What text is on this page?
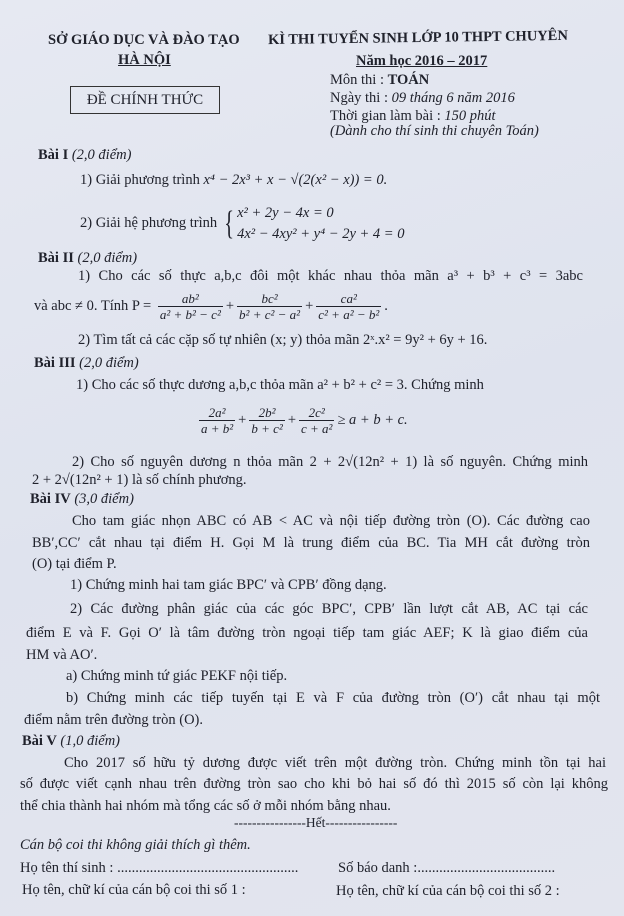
SỞ GIÁO DỤC VÀ ĐÀO TẠO
HÀ NỘI
KÌ THI TUYỂN SINH LỚP 10 THPT CHUYÊN
Năm học 2016 – 2017
ĐỀ CHÍNH THỨC
Môn thi : TOÁN
Ngày thi : 09 tháng 6 năm 2016
Thời gian làm bài : 150 phút
(Dành cho thí sinh thi chuyên Toán)
Bài I (2,0 điểm)
1) Giải phương trình x⁴ − 2x³ + x − √(2(x² − x)) = 0.
2) Giải hệ phương trình { x² + 2y − 4x = 0
4x² − 4xy² + y⁴ − 2y + 4 = 0
Bài II (2,0 điểm)
1) Cho các số thực a,b,c đôi một khác nhau thỏa mãn a³ + b³ + c³ = 3abc
và abc ≠ 0. Tính $P = \frac{\text{ab²}}{\text{a² + b² − c²}} + \frac{\text{bc²}}{\text{b² + c² − a²}} + \frac{\text{ca²}}{\text{c² + a² − b²}}$ .
2) Tìm tất cả các cặp số tự nhiên (x; y) thỏa mãn 2ˣ.x² = 9y² + 6y + 16.
Bài III (2,0 điểm)
1) Cho các số thực dương a,b,c thỏa mãn a² + b² + c² = 3. Chứng minh
$\frac{\text{2a²}}{\text{a + b²}} + \frac{\text{2b²}}{\text{b + c²}} + \frac{\text{2c²}}{\text{c + a²}} \ge a + b + c$.
2) Cho số nguyên dương n thỏa mãn 2 + 2√(12n² + 1) là số nguyên. Chứng minh
2 + 2√(12n² + 1) là số chính phương.
Bài IV (3,0 điểm)
Cho tam giác nhọn ABC có AB < AC và nội tiếp đường tròn (O). Các đường cao
BB′,CC′ cắt nhau tại điểm H. Gọi M là trung điểm của BC. Tia MH cắt đường tròn
(O) tại điểm P.
1) Chứng minh hai tam giác BPC′ và CPB′ đồng dạng.
2) Các đường phân giác của các góc BPC′, CPB′ lần lượt cắt AB, AC tại các
điểm E và F. Gọi O′ là tâm đường tròn ngoại tiếp tam giác AEF; K là giao điểm của
HM và AO′.
a) Chứng minh tứ giác PEKF nội tiếp.
b) Chứng minh các tiếp tuyến tại E và F của đường tròn (O′) cắt nhau tại một
điểm nằm trên đường tròn (O).
Bài V (1,0 điểm)
Cho 2017 số hữu tỷ dương được viết trên một đường tròn. Chứng minh tồn tại hai
số được viết cạnh nhau trên đường tròn sao cho khi bỏ hai số đó thì 2015 số còn lại không
thể chia thành hai nhóm mà tổng các số ở mỗi nhóm bằng nhau.
----------------Hết----------------
Cán bộ coi thi không giải thích gì thêm.
Họ tên thí sinh : ..................................................	Số báo danh :......................................
Họ tên, chữ kí của cán bộ coi thi số 1 :	Họ tên, chữ kí của cán bộ coi thi số 2 :
